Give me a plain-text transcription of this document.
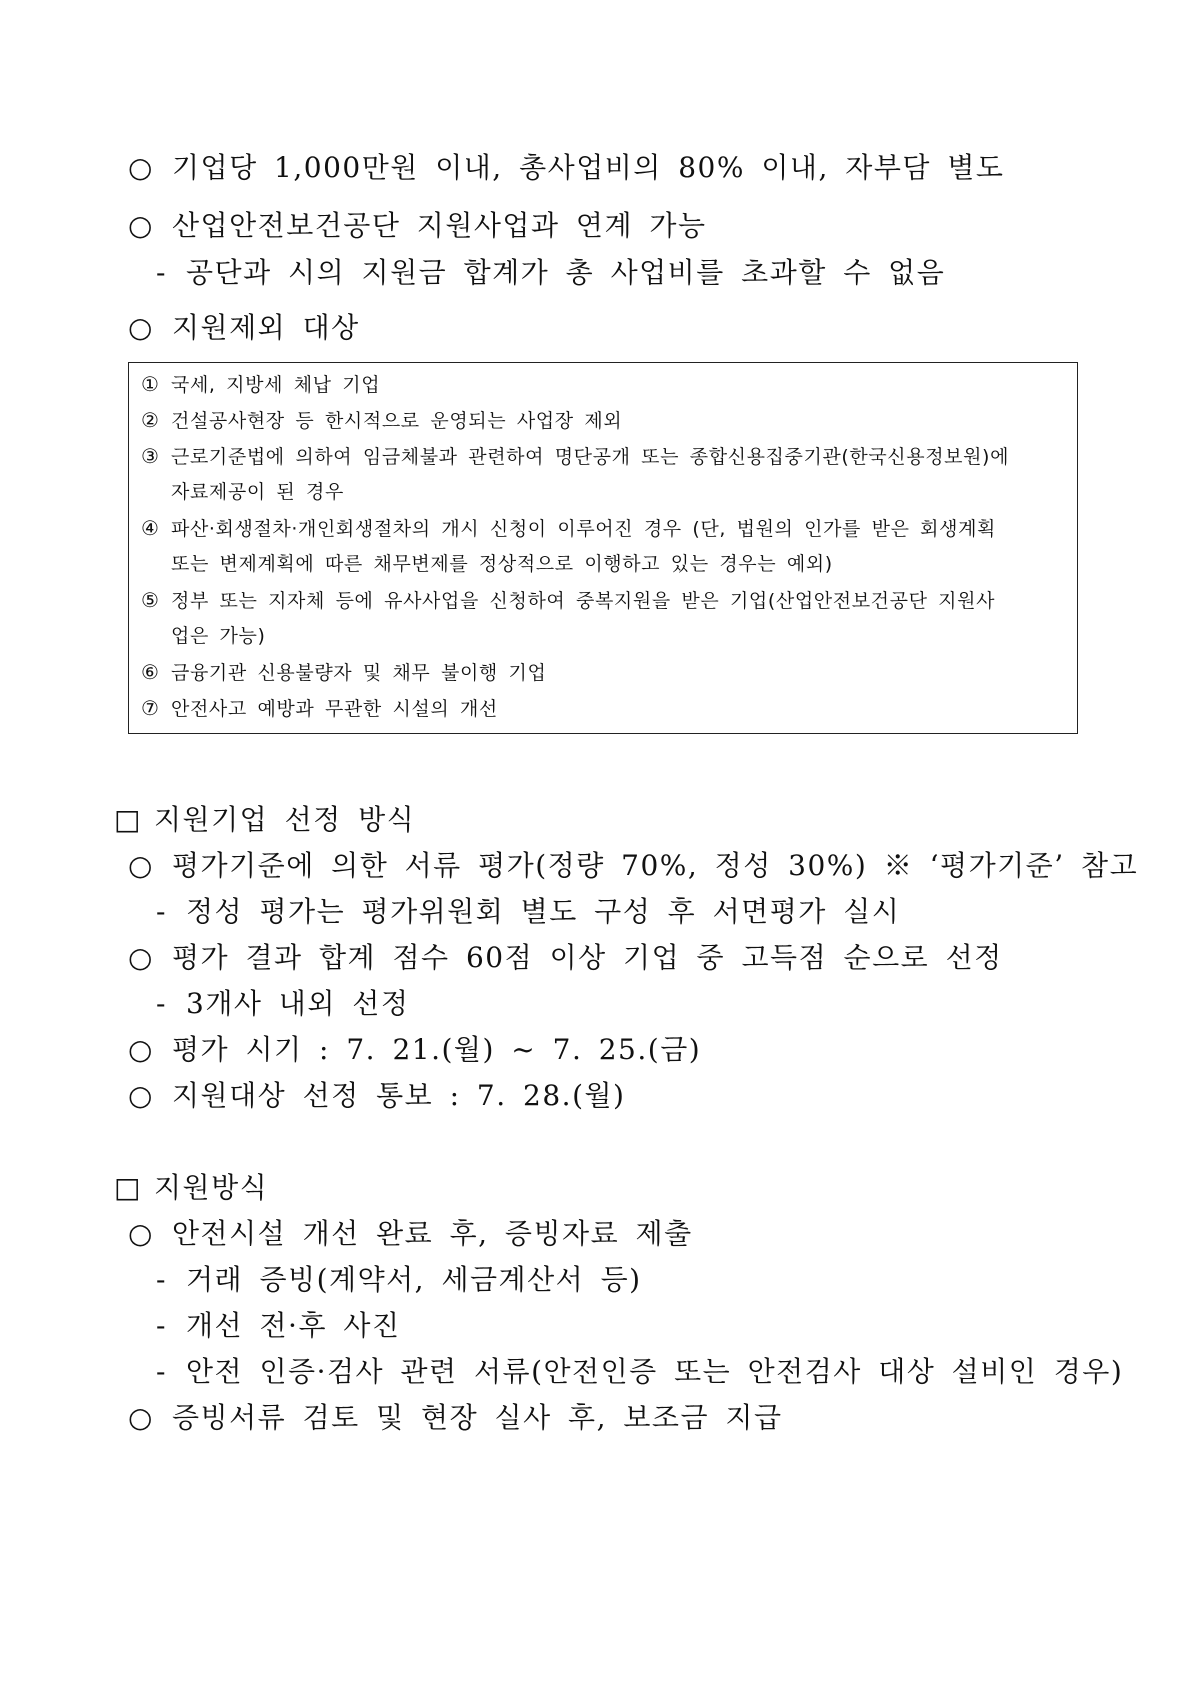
○ 기업당 1,000만원 이내, 총사업비의 80% 이내, 자부담 별도
○ 산업안전보건공단 지원사업과 연계 가능
- 공단과 시의 지원금 합계가 총 사업비를 초과할 수 없음
○ 지원제외 대상
① 국세, 지방세 체납 기업
② 건설공사현장 등 한시적으로 운영되는 사업장 제외
③ 근로기준법에 의하여 임금체불과 관련하여 명단공개 또는 종합신용집중기관(한국신용정보원)에
자료제공이 된 경우
④ 파산·회생절차·개인회생절차의 개시 신청이 이루어진 경우 (단, 법원의 인가를 받은 회생계획
또는 변제계획에 따른 채무변제를 정상적으로 이행하고 있는 경우는 예외)
⑤ 정부 또는 지자체 등에 유사사업을 신청하여 중복지원을 받은 기업(산업안전보건공단 지원사
업은 가능)
⑥ 금융기관 신용불량자 및 채무 불이행 기업
⑦ 안전사고 예방과 무관한 시설의 개선
□ 지원기업 선정 방식
○ 평가기준에 의한 서류 평가(정량 70%, 정성 30%) ※ ‘평가기준’ 참고
- 정성 평가는 평가위원회 별도 구성 후 서면평가 실시
○ 평가 결과 합계 점수 60점 이상 기업 중 고득점 순으로 선정
- 3개사 내외 선정
○ 평가 시기 : 7. 21.(월) ~ 7. 25.(금)
○ 지원대상 선정 통보 : 7. 28.(월)
□ 지원방식
○ 안전시설 개선 완료 후, 증빙자료 제출
- 거래 증빙(계약서, 세금계산서 등)
- 개선 전·후 사진
- 안전 인증·검사 관련 서류(안전인증 또는 안전검사 대상 설비인 경우)
○ 증빙서류 검토 및 현장 실사 후, 보조금 지급
